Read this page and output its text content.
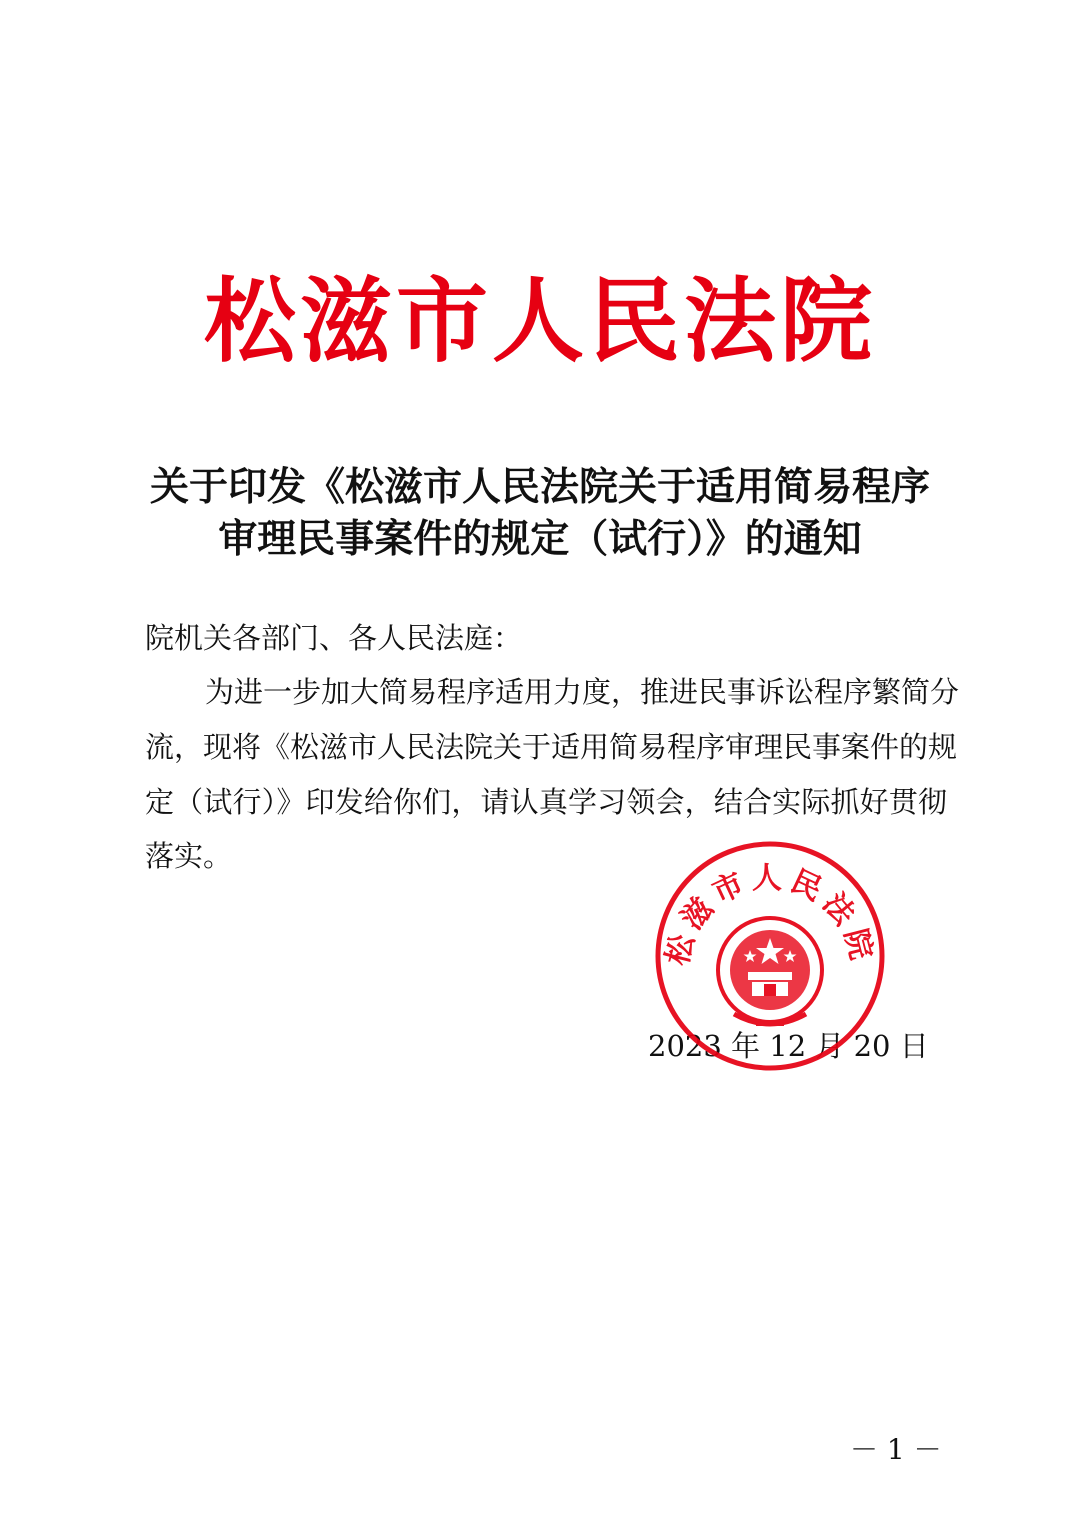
松滋市人民法院
关于印发《松滋市人民法院关于适用简易程序
审理民事案件的规定（试行）》的通知
院机关各部门、各人民法庭：
为进一步加大简易程序适用力度，推进民事诉讼程序繁简分
流，现将《松滋市人民法院关于适用简易程序审理民事案件的规
定（试行）》印发给你们，请认真学习领会，结合实际抓好贯彻
落实。
2023 年 12 月 20 日
松滋市人民法院
－ 1 －
